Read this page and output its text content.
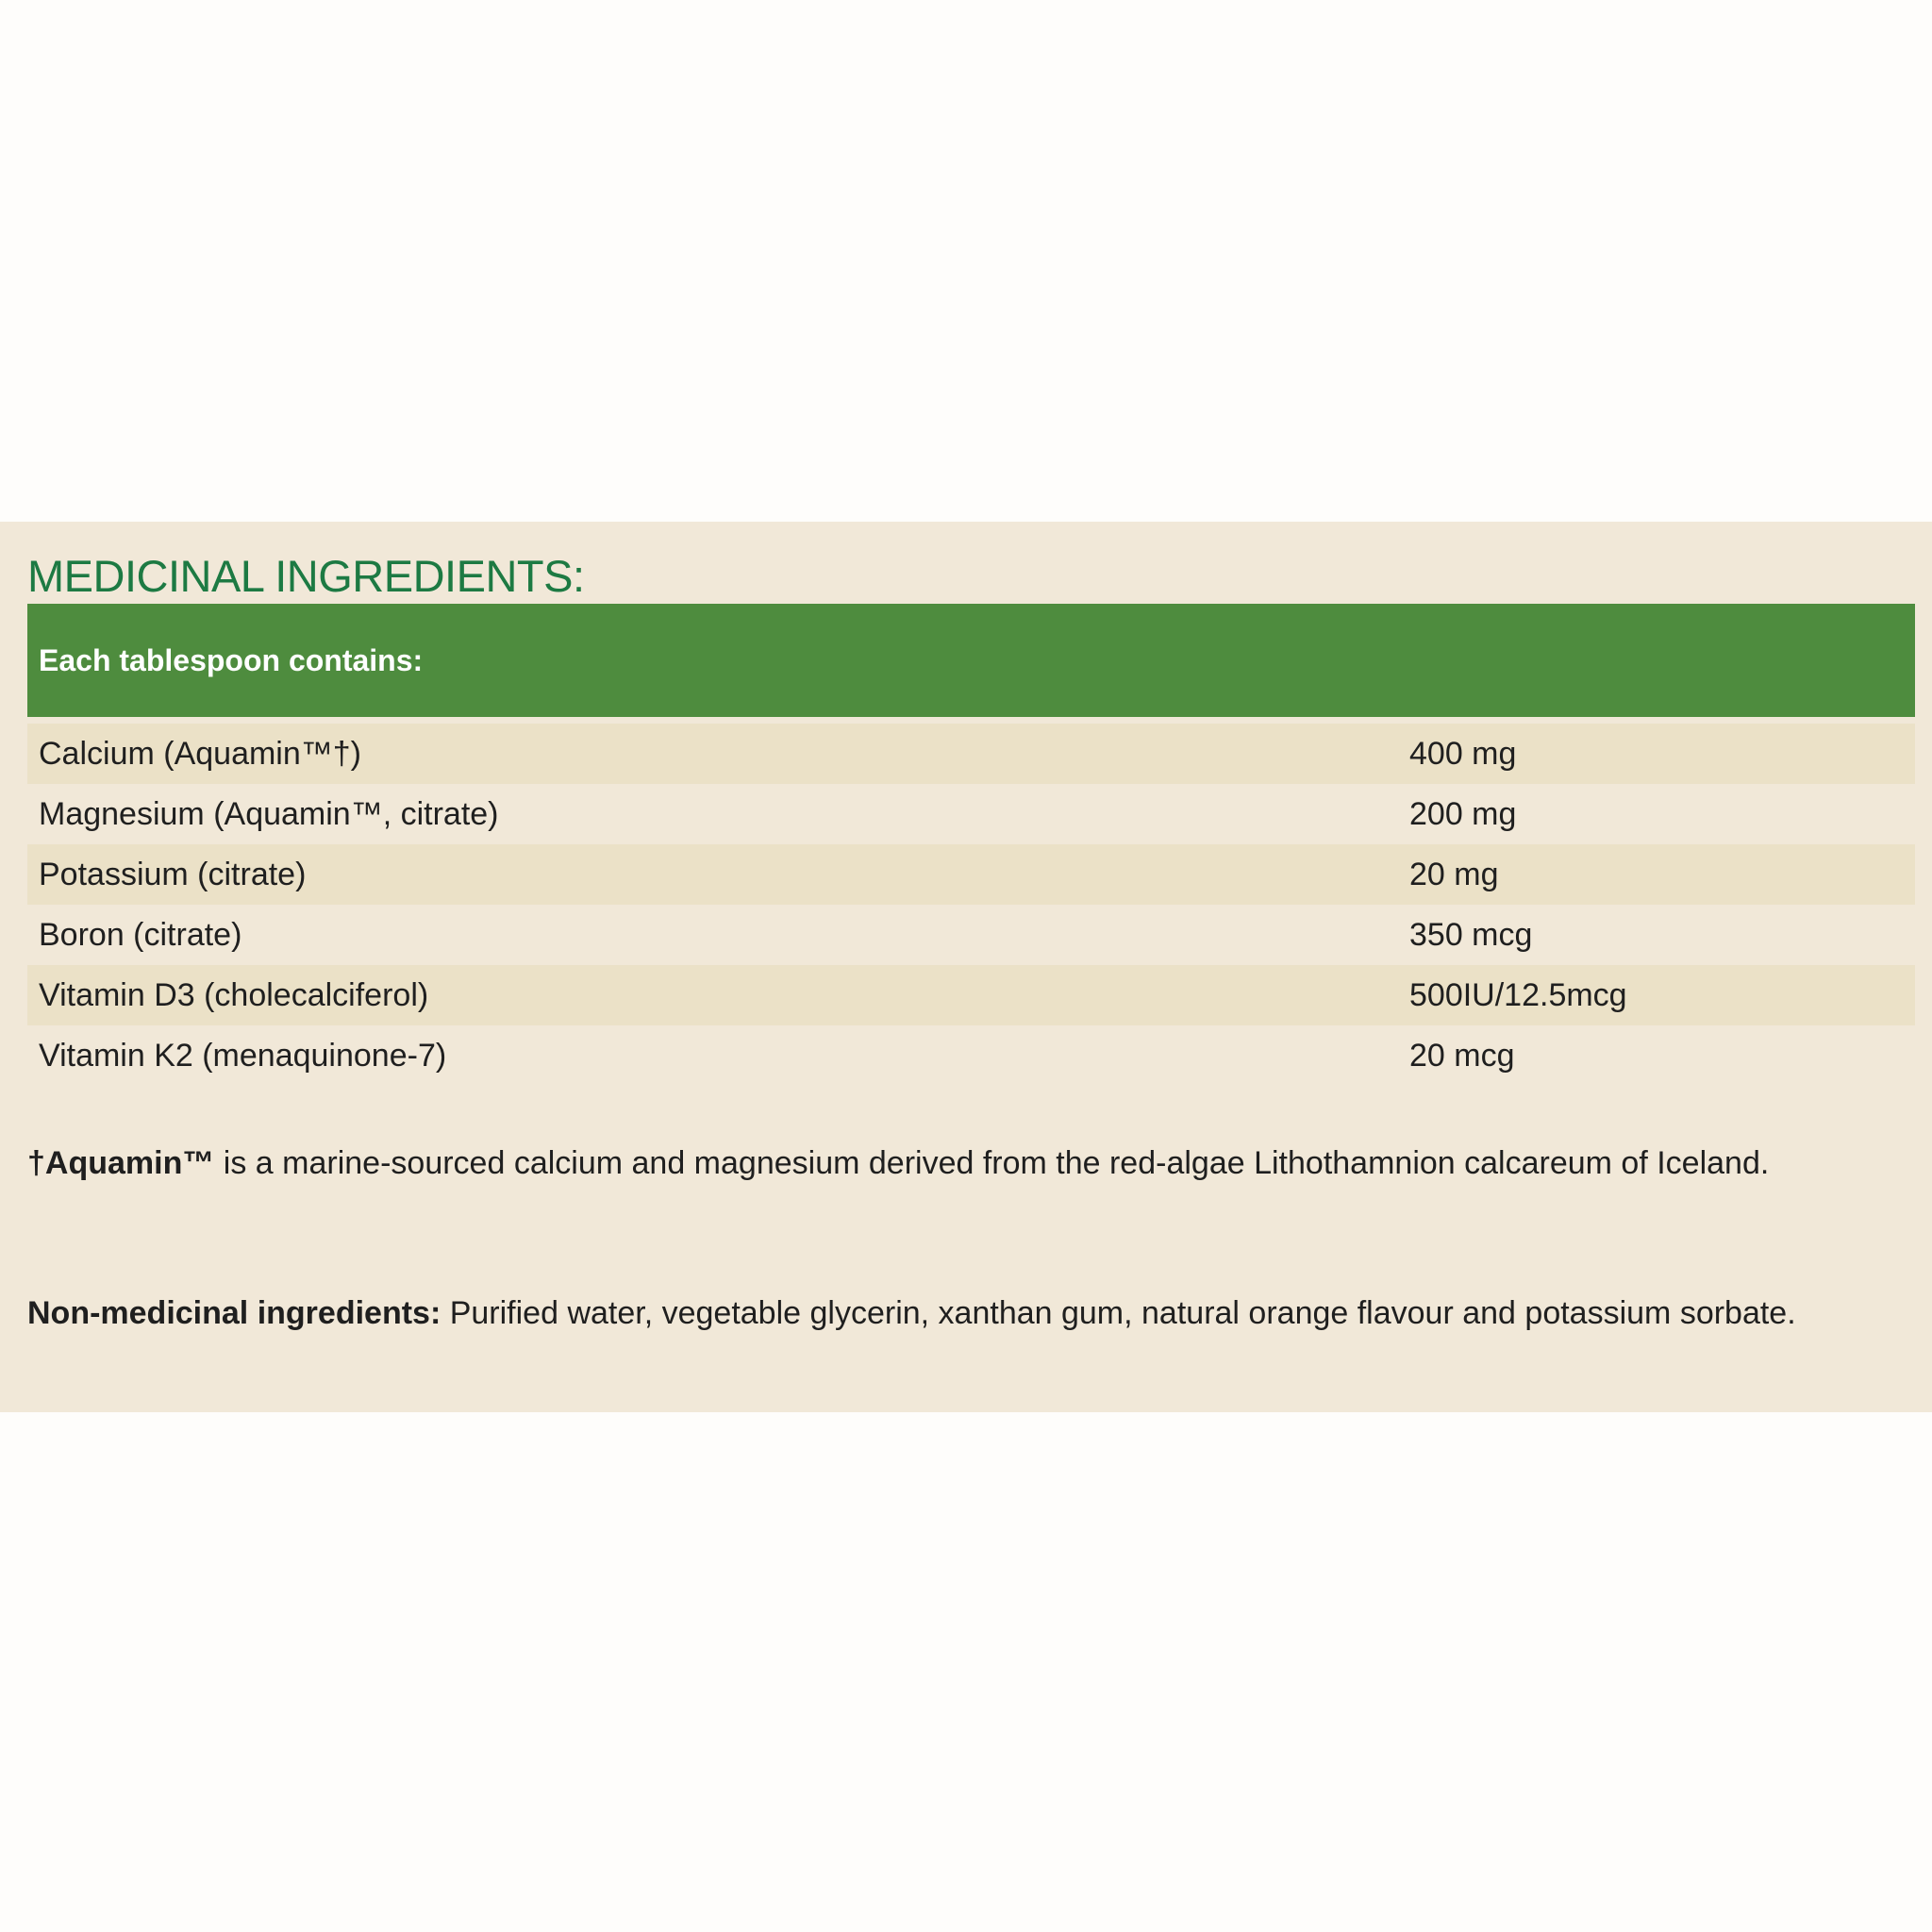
MEDICINAL INGREDIENTS:
Each tablespoon contains:
Calcium (Aquamin™†)	400 mg
Magnesium (Aquamin™, citrate)	200 mg
Potassium (citrate)	20 mg
Boron (citrate)	350 mcg
Vitamin D3 (cholecalciferol)	500IU/12.5mcg
Vitamin K2 (menaquinone-7)	20 mcg

†Aquamin™ is a marine-sourced calcium and magnesium derived from the red-algae Lithothamnion calcareum of Iceland.

Non-medicinal ingredients: Purified water, vegetable glycerin, xanthan gum, natural orange flavour and potassium sorbate.
